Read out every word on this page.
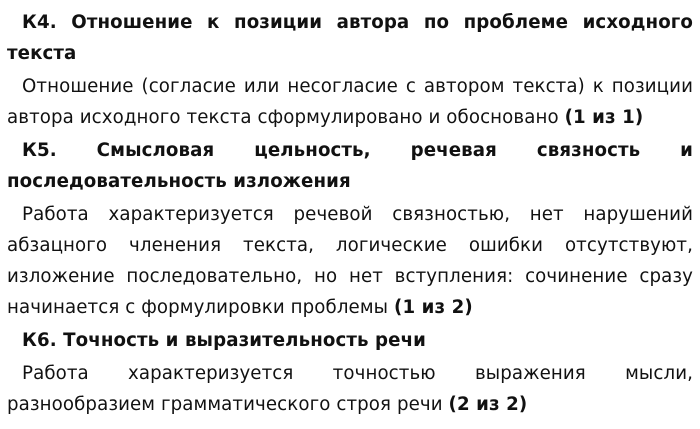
К4. Отношение к позиции автора по проблеме исходного текста

Отношение (согласие или несогласие с автором текста) к позиции автора исходного текста сформулировано и обосновано (1 из 1)

К5. Смысловая цельность, речевая связность и последовательность изложения

Работа характеризуется речевой связностью, нет нарушений абзацного членения текста, логические ошибки отсутствуют, изложение последовательно, но нет вступления: сочинение сразу начинается с формулировки проблемы (1 из 2)

К6. Точность и выразительность речи

Работа характеризуется точностью выражения мысли, разнообразием грамматического строя речи (2 из 2)
